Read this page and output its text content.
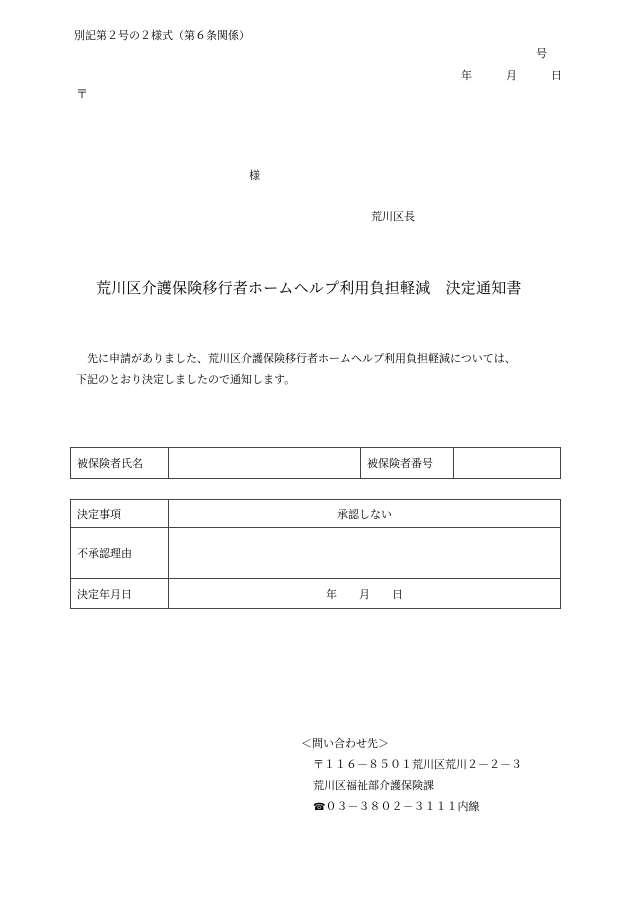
別記第２号の２様式（第６条関係）
号
年	月	日
〒
様
荒川区長
荒川区介護保険移行者ホームヘルプ利用負担軽減　決定通知書

　先に申請がありました、荒川区介護保険移行者ホームヘルプ利用負担軽減については、

下記のとおり決定しましたので通知します。

被保険者氏名		被保険者番号	
決定事項	承認しない
不承認理由	
決定年月日	年　　月　　日
＜問い合わせ先＞
〒１１６－８５０１荒川区荒川２－２－３
荒川区福祉部介護保険課
☎０３－３８０２－３１１１内線
